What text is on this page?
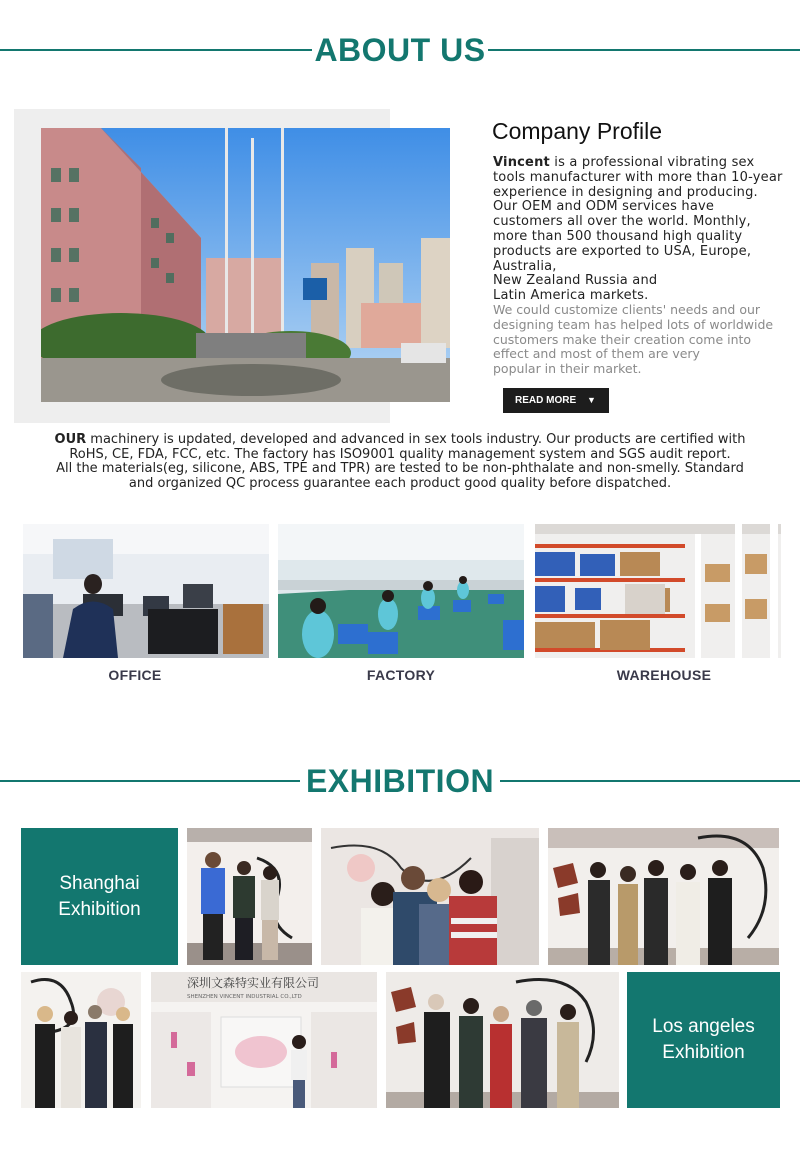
ABOUT US
Company Profile
Vincent is a professional vibrating sex tools manufacturer with more than 10-year experience in designing and producing. Our OEM and ODM services have customers all over the world. Monthly, more than 500 thousand high quality products are exported to USA, Europe, Australia,
New Zealand Russia and
Latin America markets.
We could customize clients' needs and our designing team has helped lots of worldwide customers make their creation come into effect and most of them are very
popular in their market.
READ MORE ▼
OUR machinery is updated, developed and advanced in sex tools industry. Our products are certified with
RoHS, CE, FDA, FCC, etc. The factory has ISO9001 quality management system and SGS audit report.
All the materials(eg, silicone, ABS, TPE and TPR) are tested to be non-phthalate and non-smelly. Standard
and organized QC process guarantee each product good quality before dispatched.
OFFICE	FACTORY	WAREHOUSE
EXHIBITION
Shanghai
Exhibition
深圳文森特实业有限公司
SHENZHEN VINCENT INDUSTRIAL CO.,LTD
Los angeles
Exhibition
